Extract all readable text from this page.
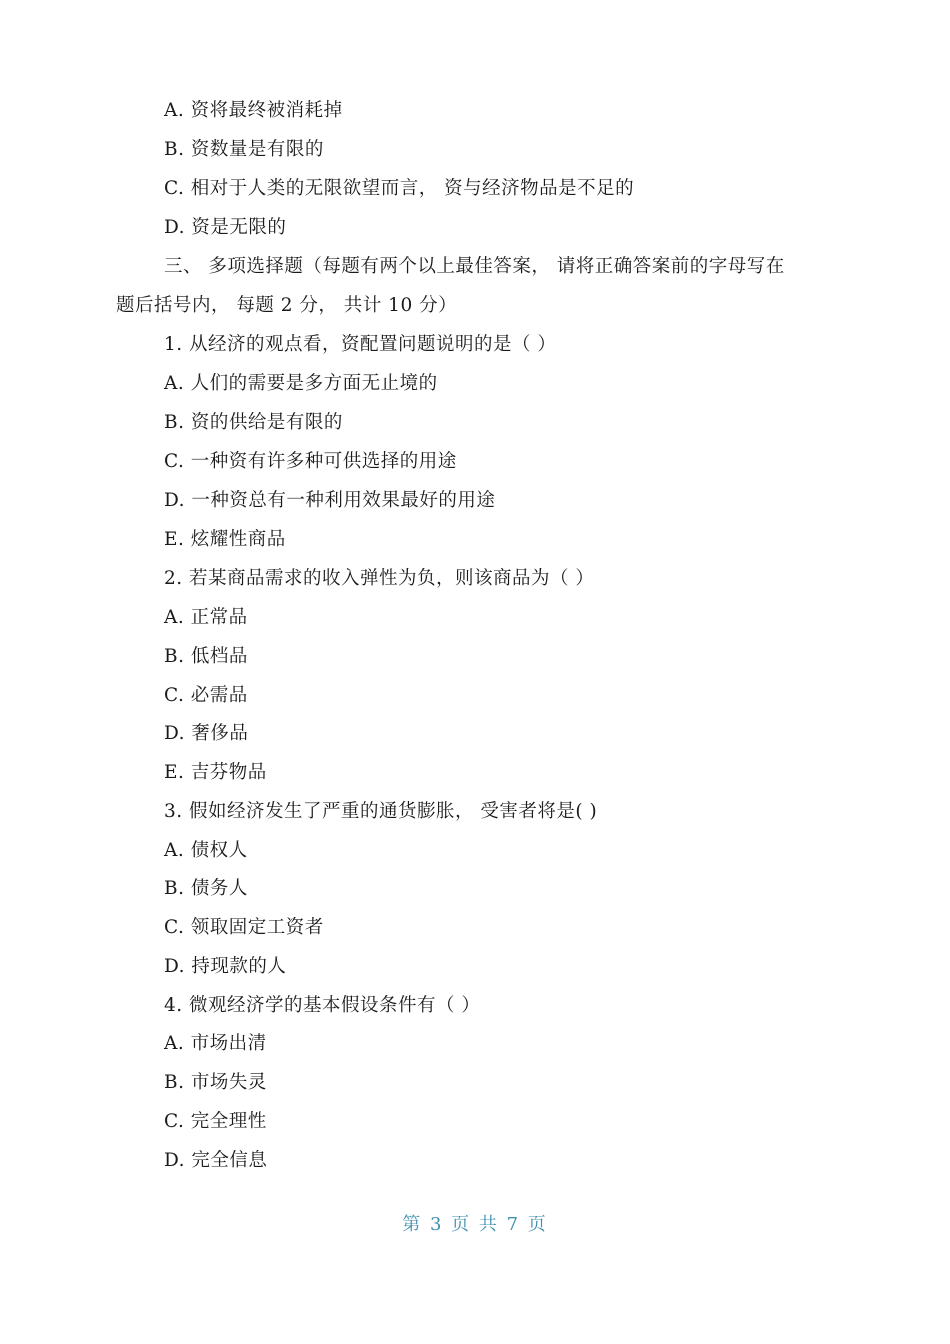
A. 资将最终被消耗掉
B. 资数量是有限的
C. 相对于人类的无限欲望而言， 资与经济物品是不足的
D. 资是无限的
三、 多项选择题（每题有两个以上最佳答案， 请将正确答案前的字母写在
题后括号内， 每题 2 分， 共计 10 分）
1. 从经济的观点看，资配置问题说明的是（ ）
A. 人们的需要是多方面无止境的
B. 资的供给是有限的
C. 一种资有许多种可供选择的用途
D. 一种资总有一种利用效果最好的用途
E. 炫耀性商品
2. 若某商品需求的收入弹性为负，则该商品为（ ）
A. 正常品
B. 低档品
C. 必需品
D. 奢侈品
E. 吉芬物品
3. 假如经济发生了严重的通货膨胀， 受害者将是( )
A. 债权人
B. 债务人
C. 领取固定工资者
D. 持现款的人
4. 微观经济学的基本假设条件有（ ）
A. 市场出清
B. 市场失灵
C. 完全理性
D. 完全信息
第 3 页 共 7 页
